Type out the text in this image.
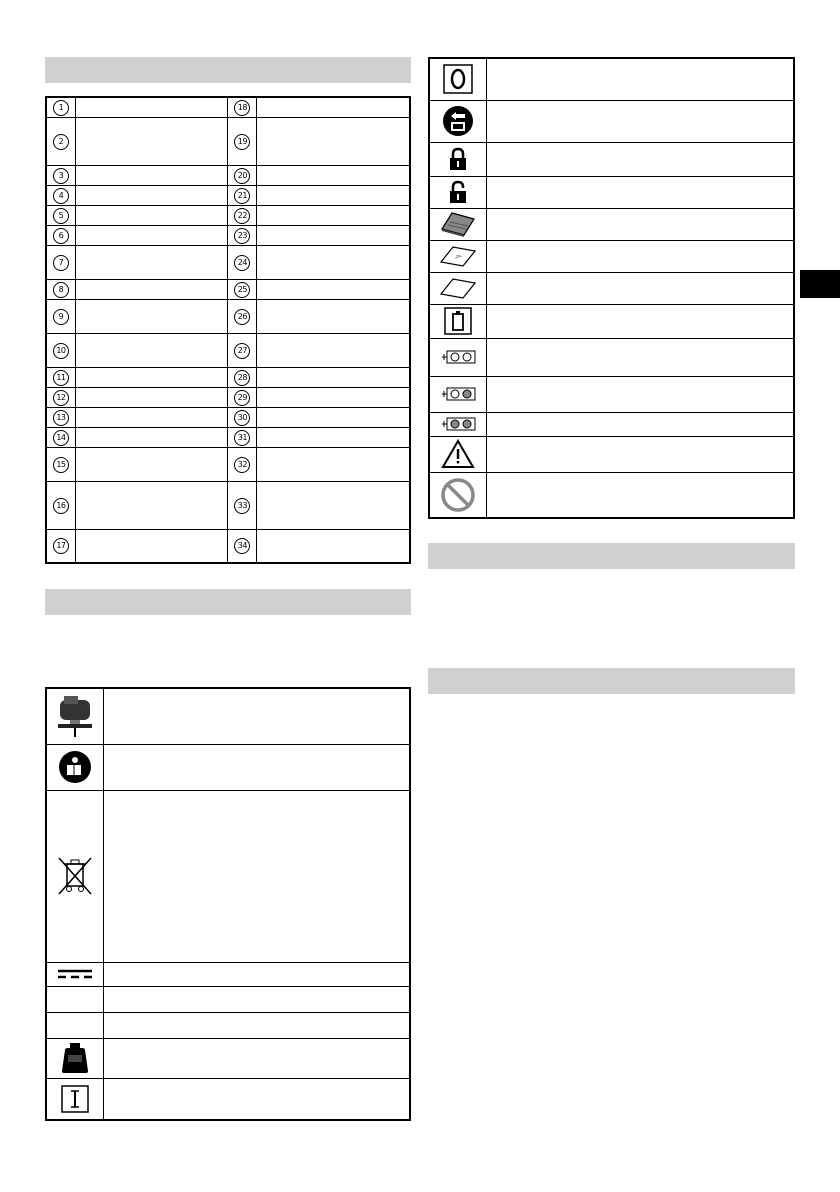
1		18	
2		19	
3		20	
4		21	
5		22	
6		23	
7		24	
8		25	
9		26	
10		27	
11		28	
12		29	
13		30	
14		31	
15		32	
16		33	
17		34	
